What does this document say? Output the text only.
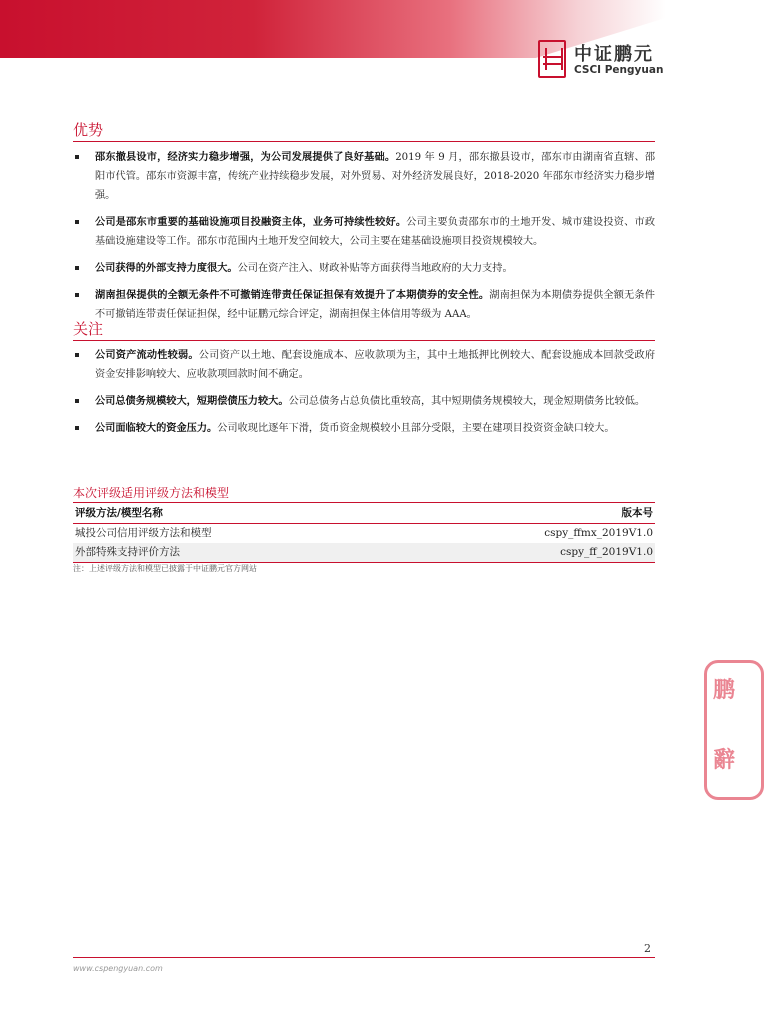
中证鹏元
CSCI Pengyuan
优势
邵东撤县设市，经济实力稳步增强，为公司发展提供了良好基础。2019 年 9 月，邵东撤县设市，邵东市由湖南省直辖、邵阳市代管。邵东市资源丰富，传统产业持续稳步发展，对外贸易、对外经济发展良好，2018-2020 年邵东市经济实力稳步增强。
公司是邵东市重要的基础设施项目投融资主体，业务可持续性较好。公司主要负责邵东市的土地开发、城市建设投资、市政基础设施建设等工作。邵东市范围内土地开发空间较大，公司主要在建基础设施项目投资规模较大。
公司获得的外部支持力度很大。公司在资产注入、财政补贴等方面获得当地政府的大力支持。
湖南担保提供的全额无条件不可撤销连带责任保证担保有效提升了本期债券的安全性。湖南担保为本期债券提供全额无条件不可撤销连带责任保证担保，经中证鹏元综合评定，湖南担保主体信用等级为 AAA。
关注
公司资产流动性较弱。公司资产以土地、配套设施成本、应收款项为主，其中土地抵押比例较大、配套设施成本回款受政府资金安排影响较大、应收款项回款时间不确定。
公司总债务规模较大，短期偿债压力较大。公司总债务占总负债比重较高，其中短期债务规模较大，现金短期债务比较低。
公司面临较大的资金压力。公司收现比逐年下滑，货币资金规模较小且部分受限，主要在建项目投资资金缺口较大。
本次评级适用评级方法和模型
评级方法/模型名称	版本号
城投公司信用评级方法和模型	cspy_ffmx_2019V1.0
外部特殊支持评价方法	cspy_ff_2019V1.0
注：上述评级方法和模型已披露于中证鹏元官方网站
鹏
辭
2
www.cspengyuan.com
